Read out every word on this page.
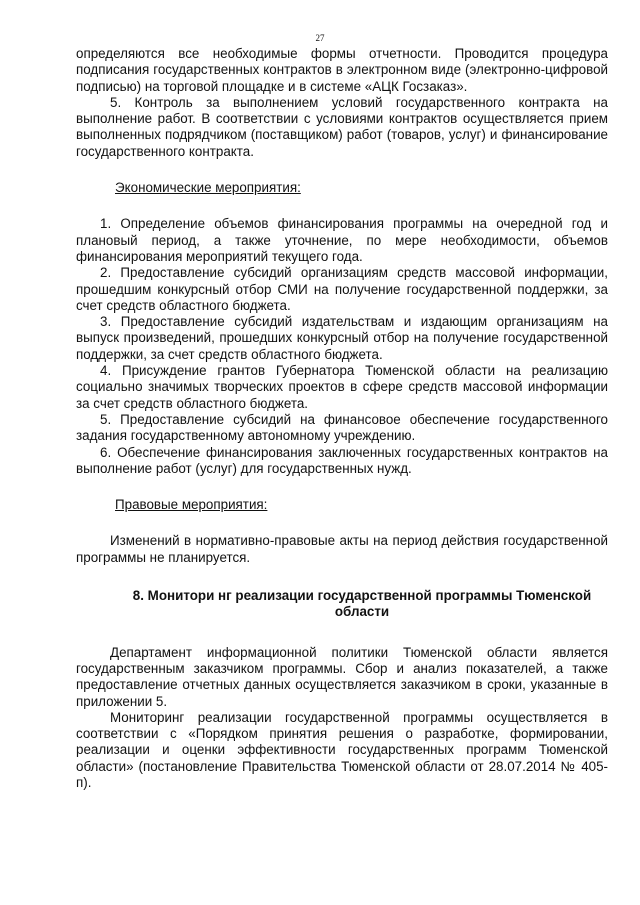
27

определяются все необходимые формы отчетности. Проводится процедура подписания государственных контрактов в электронном виде (электронно-цифровой подписью) на торговой площадке и в системе «АЦК Госзаказ».

5. Контроль за выполнением условий государственного контракта на выполнение работ. В соответствии с условиями контрактов осуществляется прием выполненных подрядчиком (поставщиком) работ (товаров, услуг) и финансирование государственного контракта.

Экономические мероприятия:

1. Определение объемов финансирования программы на очередной год и плановый период, а также уточнение, по мере необходимости, объемов финансирования мероприятий текущего года.

2. Предоставление субсидий организациям средств массовой информации, прошедшим конкурсный отбор СМИ на получение государственной поддержки, за счет средств областного бюджета.

3. Предоставление субсидий издательствам и издающим организациям на выпуск произведений, прошедших конкурсный отбор на получение государственной поддержки, за счет средств областного бюджета.

4. Присуждение грантов Губернатора Тюменской области на реализацию социально значимых творческих проектов в сфере средств массовой информации за счет средств областного бюджета.

5. Предоставление субсидий на финансовое обеспечение государственного задания государственному автономному учреждению.

6. Обеспечение финансирования заключенных государственных контрактов на выполнение работ (услуг) для государственных нужд.

Правовые мероприятия:

Изменений в нормативно-правовые акты на период действия государственной программы не планируется.

8. Монитори нг реализации государственной программы Тюменской области

Департамент информационной политики Тюменской области является государственным заказчиком программы. Сбор и анализ показателей, а также предоставление отчетных данных осуществляется заказчиком в сроки, указанные в приложении 5.

Мониторинг реализации государственной программы осуществляется в соответствии с «Порядком принятия решения о разработке, формировании, реализации и оценки эффективности государственных программ Тюменской области» (постановление Правительства Тюменской области от 28.07.2014 № 405-п).
